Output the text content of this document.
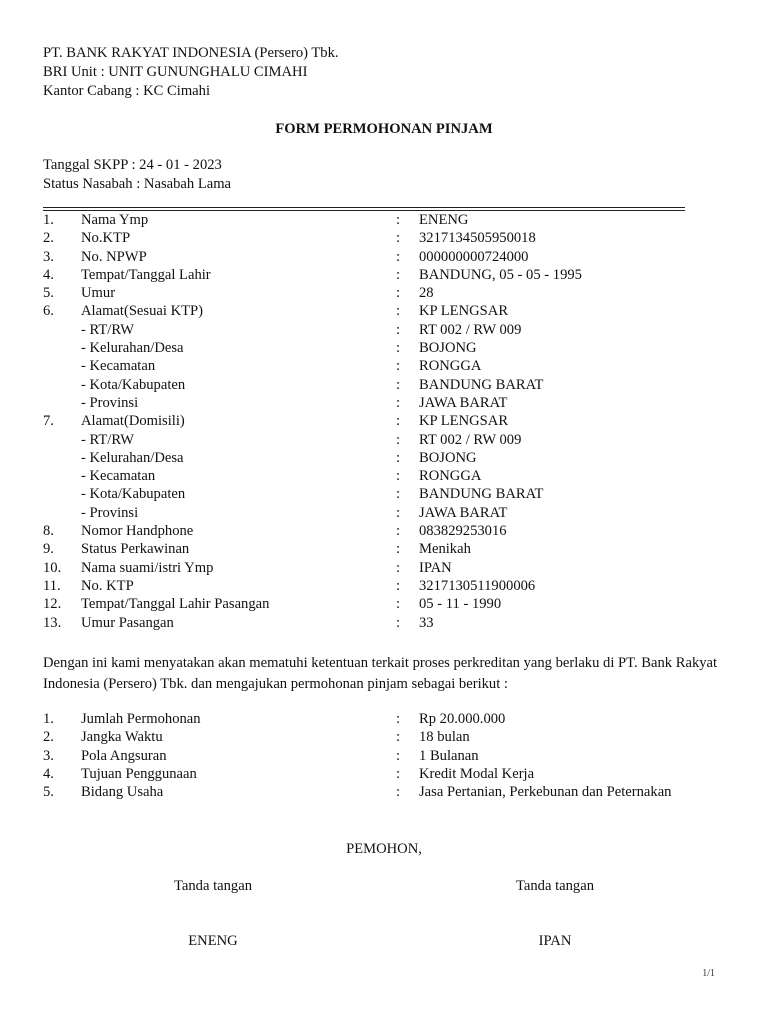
PT. BANK RAKYAT INDONESIA (Persero) Tbk.
BRI Unit : UNIT GUNUNGHALU CIMAHI
Kantor Cabang : KC Cimahi
FORM PERMOHONAN PINJAM
Tanggal SKPP : 24 - 01 - 2023
Status Nasabah : Nasabah Lama
1. Nama Ymp	: ENENG
2. No.KTP	: 3217134505950018
3. No. NPWP	: 000000000724000
4. Tempat/Tanggal Lahir	: BANDUNG, 05 - 05 - 1995
5. Umur	: 28
6. Alamat(Sesuai KTP)	: KP LENGSAR
- RT/RW	: RT 002 / RW 009
- Kelurahan/Desa	: BOJONG
- Kecamatan	: RONGGA
- Kota/Kabupaten	: BANDUNG BARAT
- Provinsi	: JAWA BARAT
7. Alamat(Domisili)	: KP LENGSAR
- RT/RW	: RT 002 / RW 009
- Kelurahan/Desa	: BOJONG
- Kecamatan	: RONGGA
- Kota/Kabupaten	: BANDUNG BARAT
- Provinsi	: JAWA BARAT
8. Nomor Handphone	: 083829253016
9. Status Perkawinan	: Menikah
10. Nama suami/istri Ymp	: IPAN
11. No. KTP	: 3217130511900006
12. Tempat/Tanggal Lahir Pasangan	: 05 - 11 - 1990
13. Umur Pasangan	: 33
Dengan ini kami menyatakan akan mematuhi ketentuan terkait proses perkreditan yang berlaku di PT. Bank Rakyat Indonesia (Persero) Tbk. dan mengajukan permohonan pinjam sebagai berikut :
1. Jumlah Permohonan	: Rp 20.000.000
2. Jangka Waktu	: 18 bulan
3. Pola Angsuran	: 1 Bulanan
4. Tujuan Penggunaan	: Kredit Modal Kerja
5. Bidang Usaha	: Jasa Pertanian, Perkebunan dan Peternakan
PEMOHON,
Tanda tangan	Tanda tangan
ENENG	IPAN
1/1
